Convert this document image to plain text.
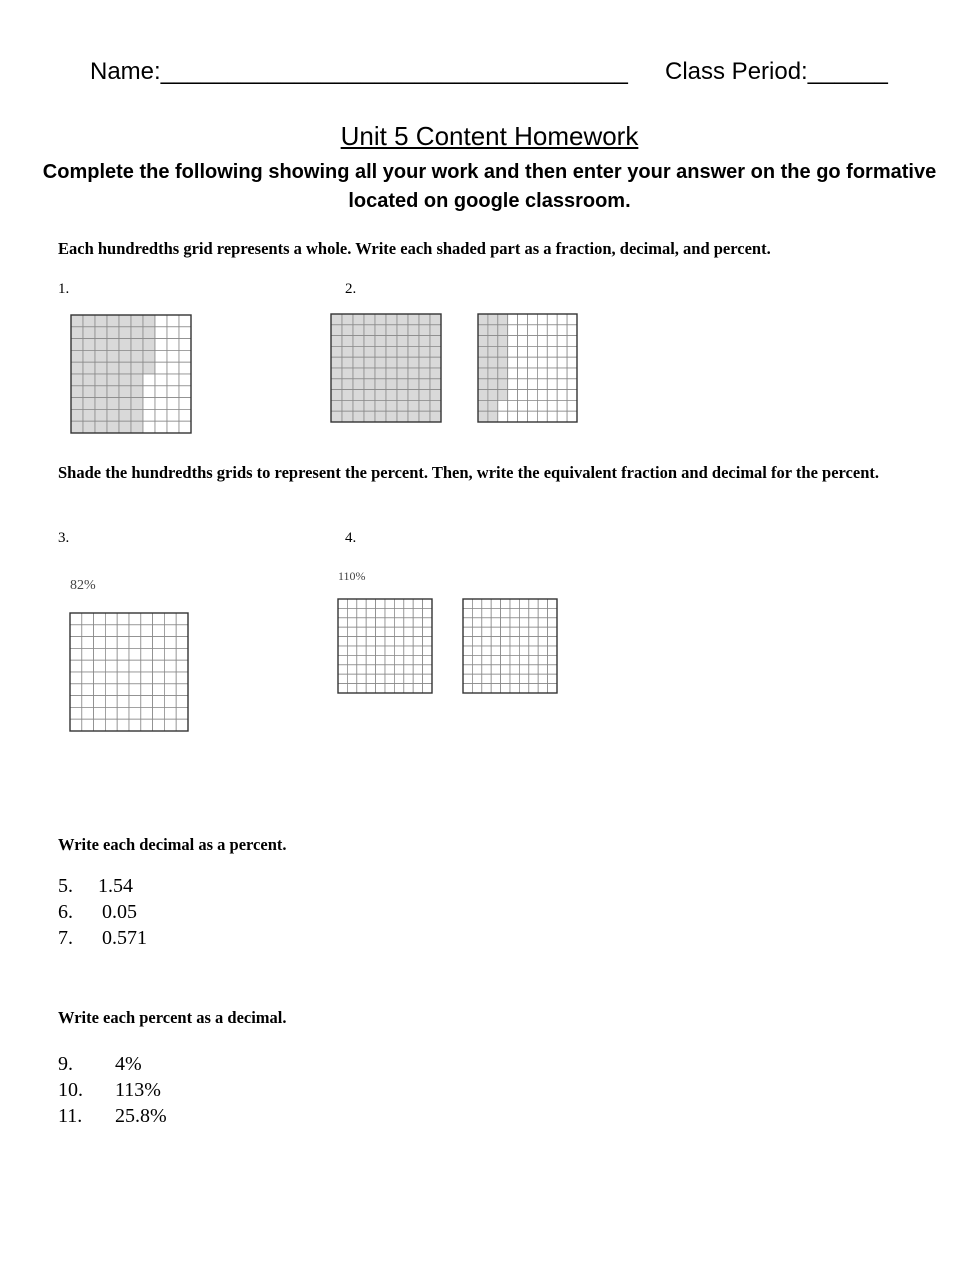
Name:___________________________________ Class Period:______
Unit 5 Content Homework
Complete the following showing all your work and then enter your answer on the go formative located on google classroom.
Each hundredths grid represents a whole. Write each shaded part as a fraction, decimal, and percent.
1.	2.
Shade the hundredths grids to represent the percent. Then, write the equivalent fraction and decimal for the percent.
3.	4.
82%
110%
Write each decimal as a percent.
5. 1.54
6. 0.05
7. 0.571
Write each percent as a decimal.
9. 4%
10. 113%
11. 25.8%
